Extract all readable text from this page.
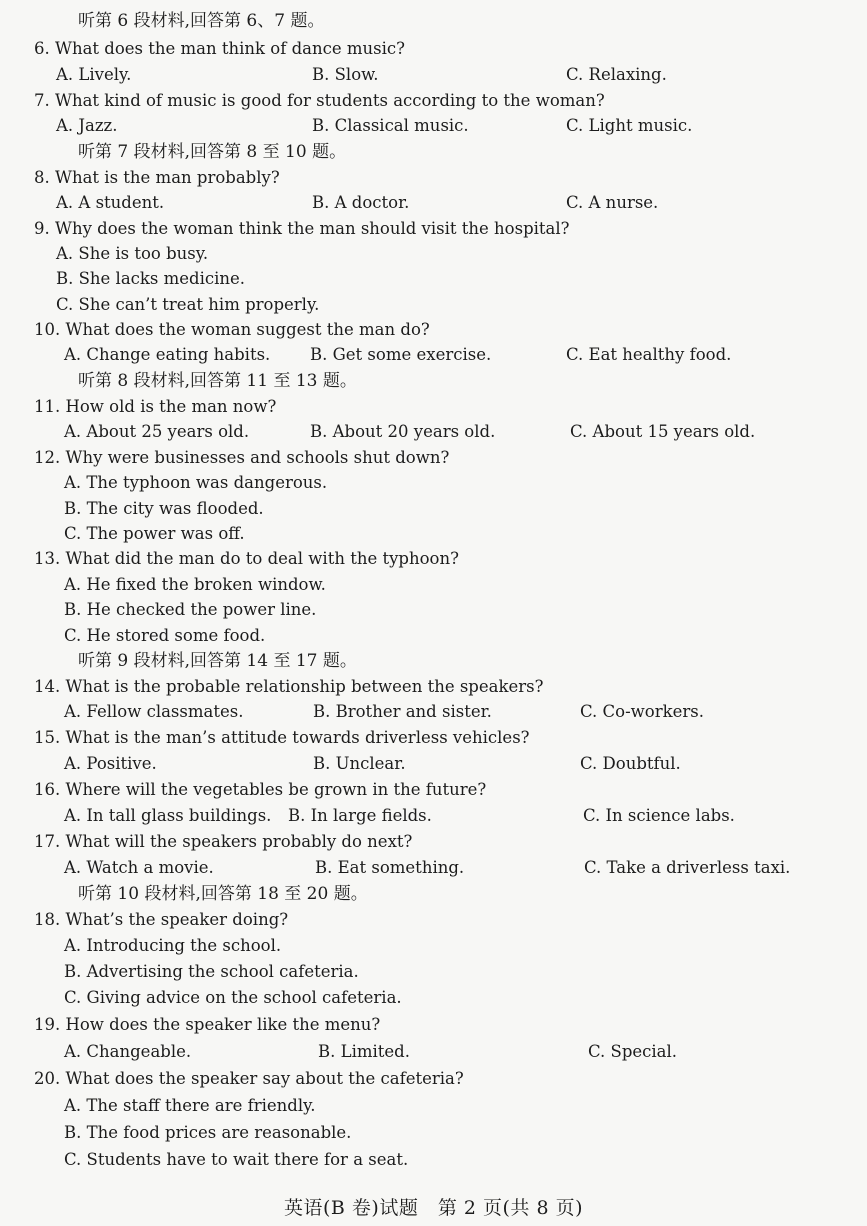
听第 6 段材料,回答第 6、7 题。
6. What does the man think of dance music?
A. Lively.	B. Slow.	C. Relaxing.
7. What kind of music is good for students according to the woman?
A. Jazz.	B. Classical music.	C. Light music.
听第 7 段材料,回答第 8 至 10 题。
8. What is the man probably?
A. A student.	B. A doctor.	C. A nurse.
9. Why does the woman think the man should visit the hospital?
A. She is too busy.
B. She lacks medicine.
C. She can’t treat him properly.
10. What does the woman suggest the man do?
A. Change eating habits. B. Get some exercise.	C. Eat healthy food.
听第 8 段材料,回答第 11 至 13 题。
11. How old is the man now?
A. About 25 years old.	B. About 20 years old.	C. About 15 years old.
12. Why were businesses and schools shut down?
A. The typhoon was dangerous.
B. The city was flooded.
C. The power was off.
13. What did the man do to deal with the typhoon?
A. He fixed the broken window.
B. He checked the power line.
C. He stored some food.
听第 9 段材料,回答第 14 至 17 题。
14. What is the probable relationship between the speakers?
A. Fellow classmates.	B. Brother and sister.	C. Co-workers.
15. What is the man’s attitude towards driverless vehicles?
A. Positive.	B. Unclear.	C. Doubtful.
16. Where will the vegetables be grown in the future?
A. In tall glass buildings. B. In large fields.	C. In science labs.
17. What will the speakers probably do next?
A. Watch a movie.	B. Eat something.	C. Take a driverless taxi.
听第 10 段材料,回答第 18 至 20 题。
18. What’s the speaker doing?
A. Introducing the school.
B. Advertising the school cafeteria.
C. Giving advice on the school cafeteria.
19. How does the speaker like the menu?
A. Changeable.	B. Limited.	C. Special.
20. What does the speaker say about the cafeteria?
A. The staff there are friendly.
B. The food prices are reasonable.
C. Students have to wait there for a seat.
英语(B 卷)试题　第 2 页(共 8 页)
